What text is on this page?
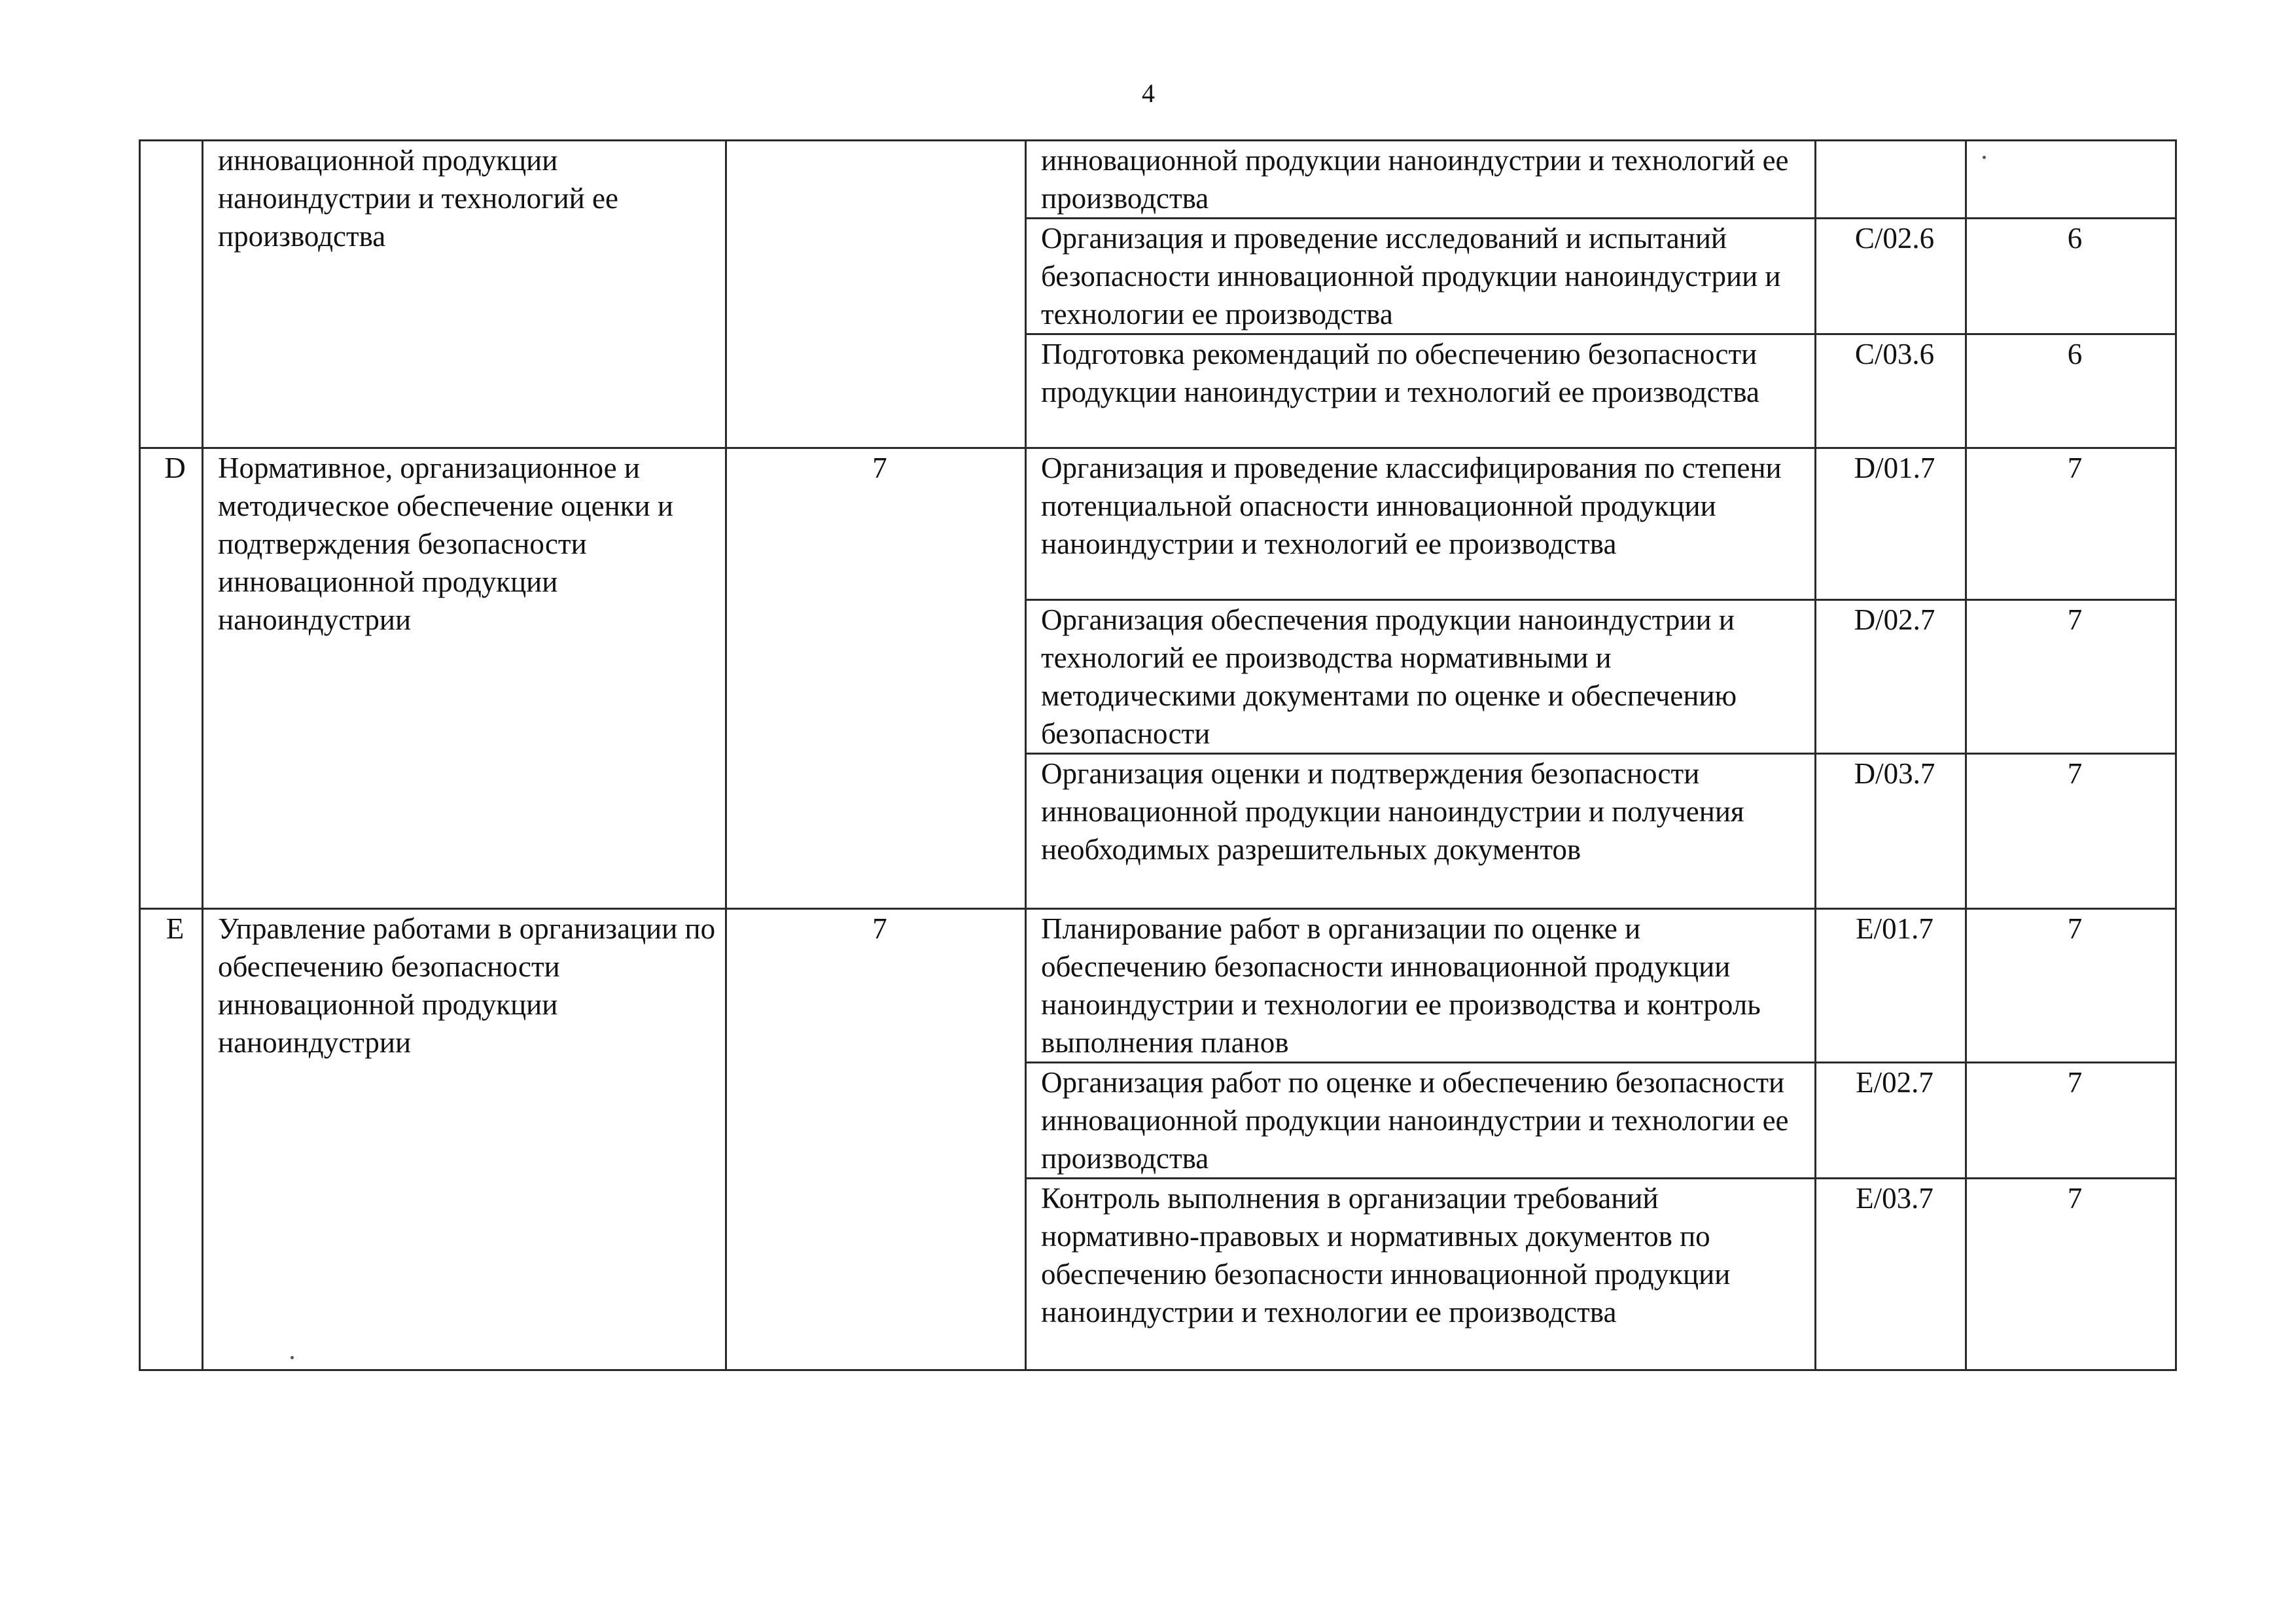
4
	инновационной продукции наноиндустрии и технологий ее производства		инновационной продукции наноиндустрии и технологий ее производства		
			Организация и проведение исследований и испытаний безопасности инновационной продукции наноиндустрии и технологии ее производства	C/02.6	6
			Подготовка рекомендаций по обеспечению безопасности продукции наноиндустрии и технологий ее производства	C/03.6	6
D	Нормативное, организационное и методическое обеспечение оценки и подтверждения безопасности инновационной продукции наноиндустрии	7	Организация и проведение классифицирования по степени потенциальной опасности инновационной продукции наноиндустрии и технологий ее производства	D/01.7	7
			Организация обеспечения продукции наноиндустрии и технологий ее производства нормативными и методическими документами по оценке и обеспечению безопасности	D/02.7	7
			Организация оценки и подтверждения безопасности инновационной продукции наноиндустрии и получения необходимых разрешительных документов	D/03.7	7
E	Управление работами в организации по обеспечению безопасности инновационной продукции наноиндустрии	7	Планирование работ в организации по оценке и обеспечению безопасности инновационной продукции наноиндустрии и технологии ее производства и контроль выполнения планов	E/01.7	7
			Организация работ по оценке и обеспечению безопасности инновационной продукции наноиндустрии и технологии ее производства	E/02.7	7
			Контроль выполнения в организации требований нормативно-правовых и нормативных документов по обеспечению безопасности инновационной продукции наноиндустрии и технологии ее производства	E/03.7	7
